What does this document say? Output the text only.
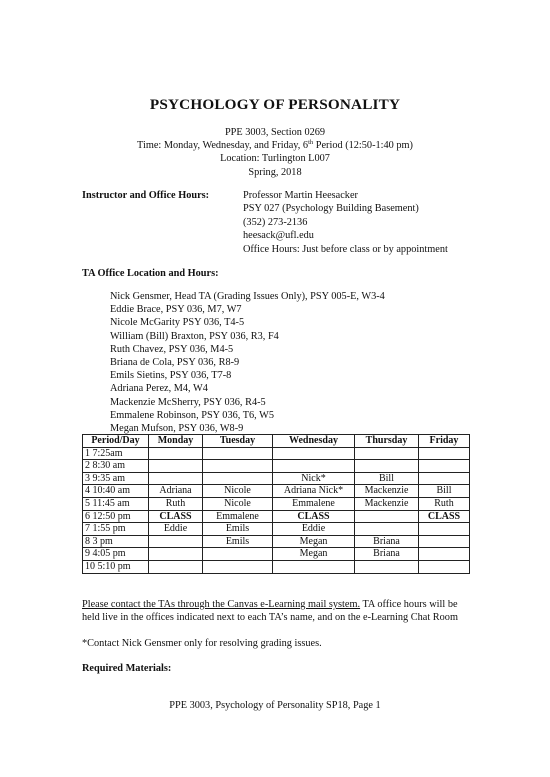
PSYCHOLOGY OF PERSONALITY
PPE 3003, Section 0269
Time: Monday, Wednesday, and Friday, 6th Period (12:50-1:40 pm)
Location: Turlington L007
Spring, 2018
Instructor and Office Hours:	Professor Martin Heesacker
PSY 027 (Psychology Building Basement)
(352) 273-2136
heesack@ufl.edu
Office Hours: Just before class or by appointment
TA Office Location and Hours:
Nick Gensmer, Head TA (Grading Issues Only), PSY 005-E, W3-4
Eddie Brace, PSY 036, M7, W7
Nicole McGarity PSY 036, T4-5
William (Bill) Braxton, PSY 036, R3, F4
Ruth Chavez, PSY 036, M4-5
Briana de Cola, PSY 036, R8-9
Emils Sietins, PSY 036, T7-8
Adriana Perez, M4, W4
Mackenzie McSherry, PSY 036, R4-5
Emmalene Robinson, PSY 036, T6, W5
Megan Mufson, PSY 036, W8-9
Period/Day	Monday	Tuesday	Wednesday	Thursday	Friday
1 7:25am					
2 8:30 am					
3 9:35 am			Nick*	Bill	
4 10:40 am	Adriana	Nicole	Adriana Nick*	Mackenzie	Bill
5 11:45 am	Ruth	Nicole	Emmalene	Mackenzie	Ruth
6 12:50 pm	CLASS	Emmalene	CLASS		CLASS
7 1:55 pm	Eddie	Emils	Eddie		
8 3 pm		Emils	Megan	Briana	
9 4:05 pm			Megan	Briana	
10 5:10 pm					
Please contact the TAs through the Canvas e-Learning mail system. TA office hours will be held live in the offices indicated next to each TA’s name, and on the e-Learning Chat Room
*Contact Nick Gensmer only for resolving grading issues.
Required Materials:
PPE 3003, Psychology of Personality SP18, Page 1
